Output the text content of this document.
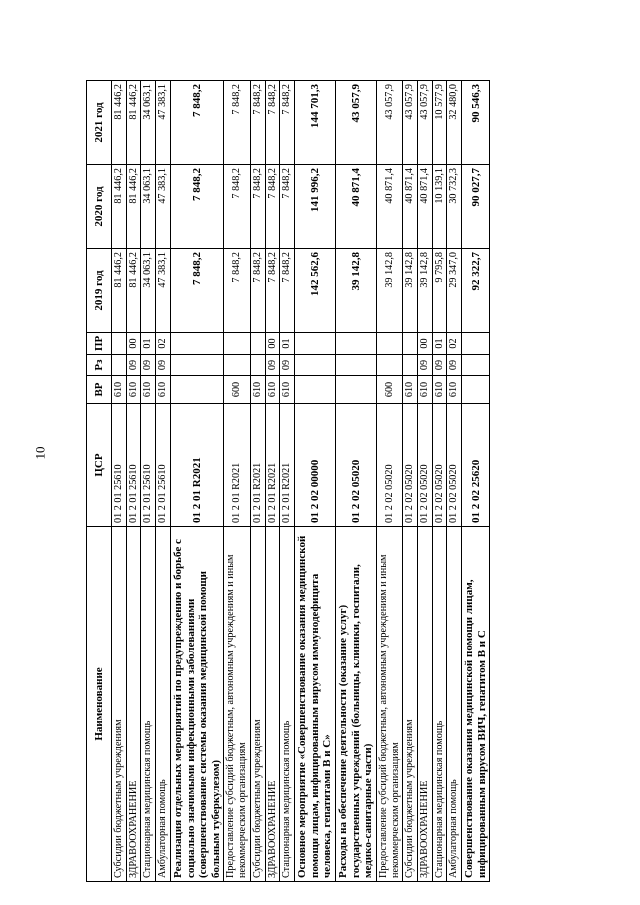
10
Наименование	ЦСР	ВР	Рз	ПР	2019 год	2020 год	2021 год
Субсидии бюджетным учреждениям	01 2 01 25610	610			81 446,2	81 446,2	81 446,2
ЗДРАВООХРАНЕНИЕ	01 2 01 25610	610	09	00	81 446,2	81 446,2	81 446,2
Стационарная медицинская помощь	01 2 01 25610	610	09	01	34 063,1	34 063,1	34 063,1
Амбулаторная помощь	01 2 01 25610	610	09	02	47 383,1	47 383,1	47 383,1
Реализация отдельных мероприятий по предупреждению и борьбе с социально значимыми инфекционными заболеваниями (совершенствование системы оказания медицинской помощи больным туберкулезом)	01 2 01 R2021				7 848,2	7 848,2	7 848,2
Предоставление субсидий бюджетным, автономным учреждениям и иным некоммерческим организациям	01 2 01 R2021	600			7 848,2	7 848,2	7 848,2
Субсидии бюджетным учреждениям	01 2 01 R2021	610			7 848,2	7 848,2	7 848,2
ЗДРАВООХРАНЕНИЕ	01 2 01 R2021	610	09	00	7 848,2	7 848,2	7 848,2
Стационарная медицинская помощь	01 2 01 R2021	610	09	01	7 848,2	7 848,2	7 848,2
Основное мероприятие «Совершенствование оказания медицинской помощи лицам, инфицированным вирусом иммунодефицита человека, гепатитами В и С»	01 2 02 00000				142 562,6	141 996,2	144 701,3
Расходы на обеспечение деятельности (оказание услуг) государственных учреждений (больницы, клиники, госпитали, медико-санитарные части)	01 2 02 05020				39 142,8	40 871,4	43 057,9
Предоставление субсидий бюджетным, автономным учреждениям и иным некоммерческим организациям	01 2 02 05020	600			39 142,8	40 871,4	43 057,9
Субсидии бюджетным учреждениям	01 2 02 05020	610			39 142,8	40 871,4	43 057,9
ЗДРАВООХРАНЕНИЕ	01 2 02 05020	610	09	00	39 142,8	40 871,4	43 057,9
Стационарная медицинская помощь	01 2 02 05020	610	09	01	9 795,8	10 139,1	10 577,9
Амбулаторная помощь	01 2 02 05020	610	09	02	29 347,0	30 732,3	32 480,0
Совершенствование оказания медицинской помощи лицам, инфицированным вирусом ВИЧ, гепатитом В и С	01 2 02 25620				92 322,7	90 027,7	90 546,3
